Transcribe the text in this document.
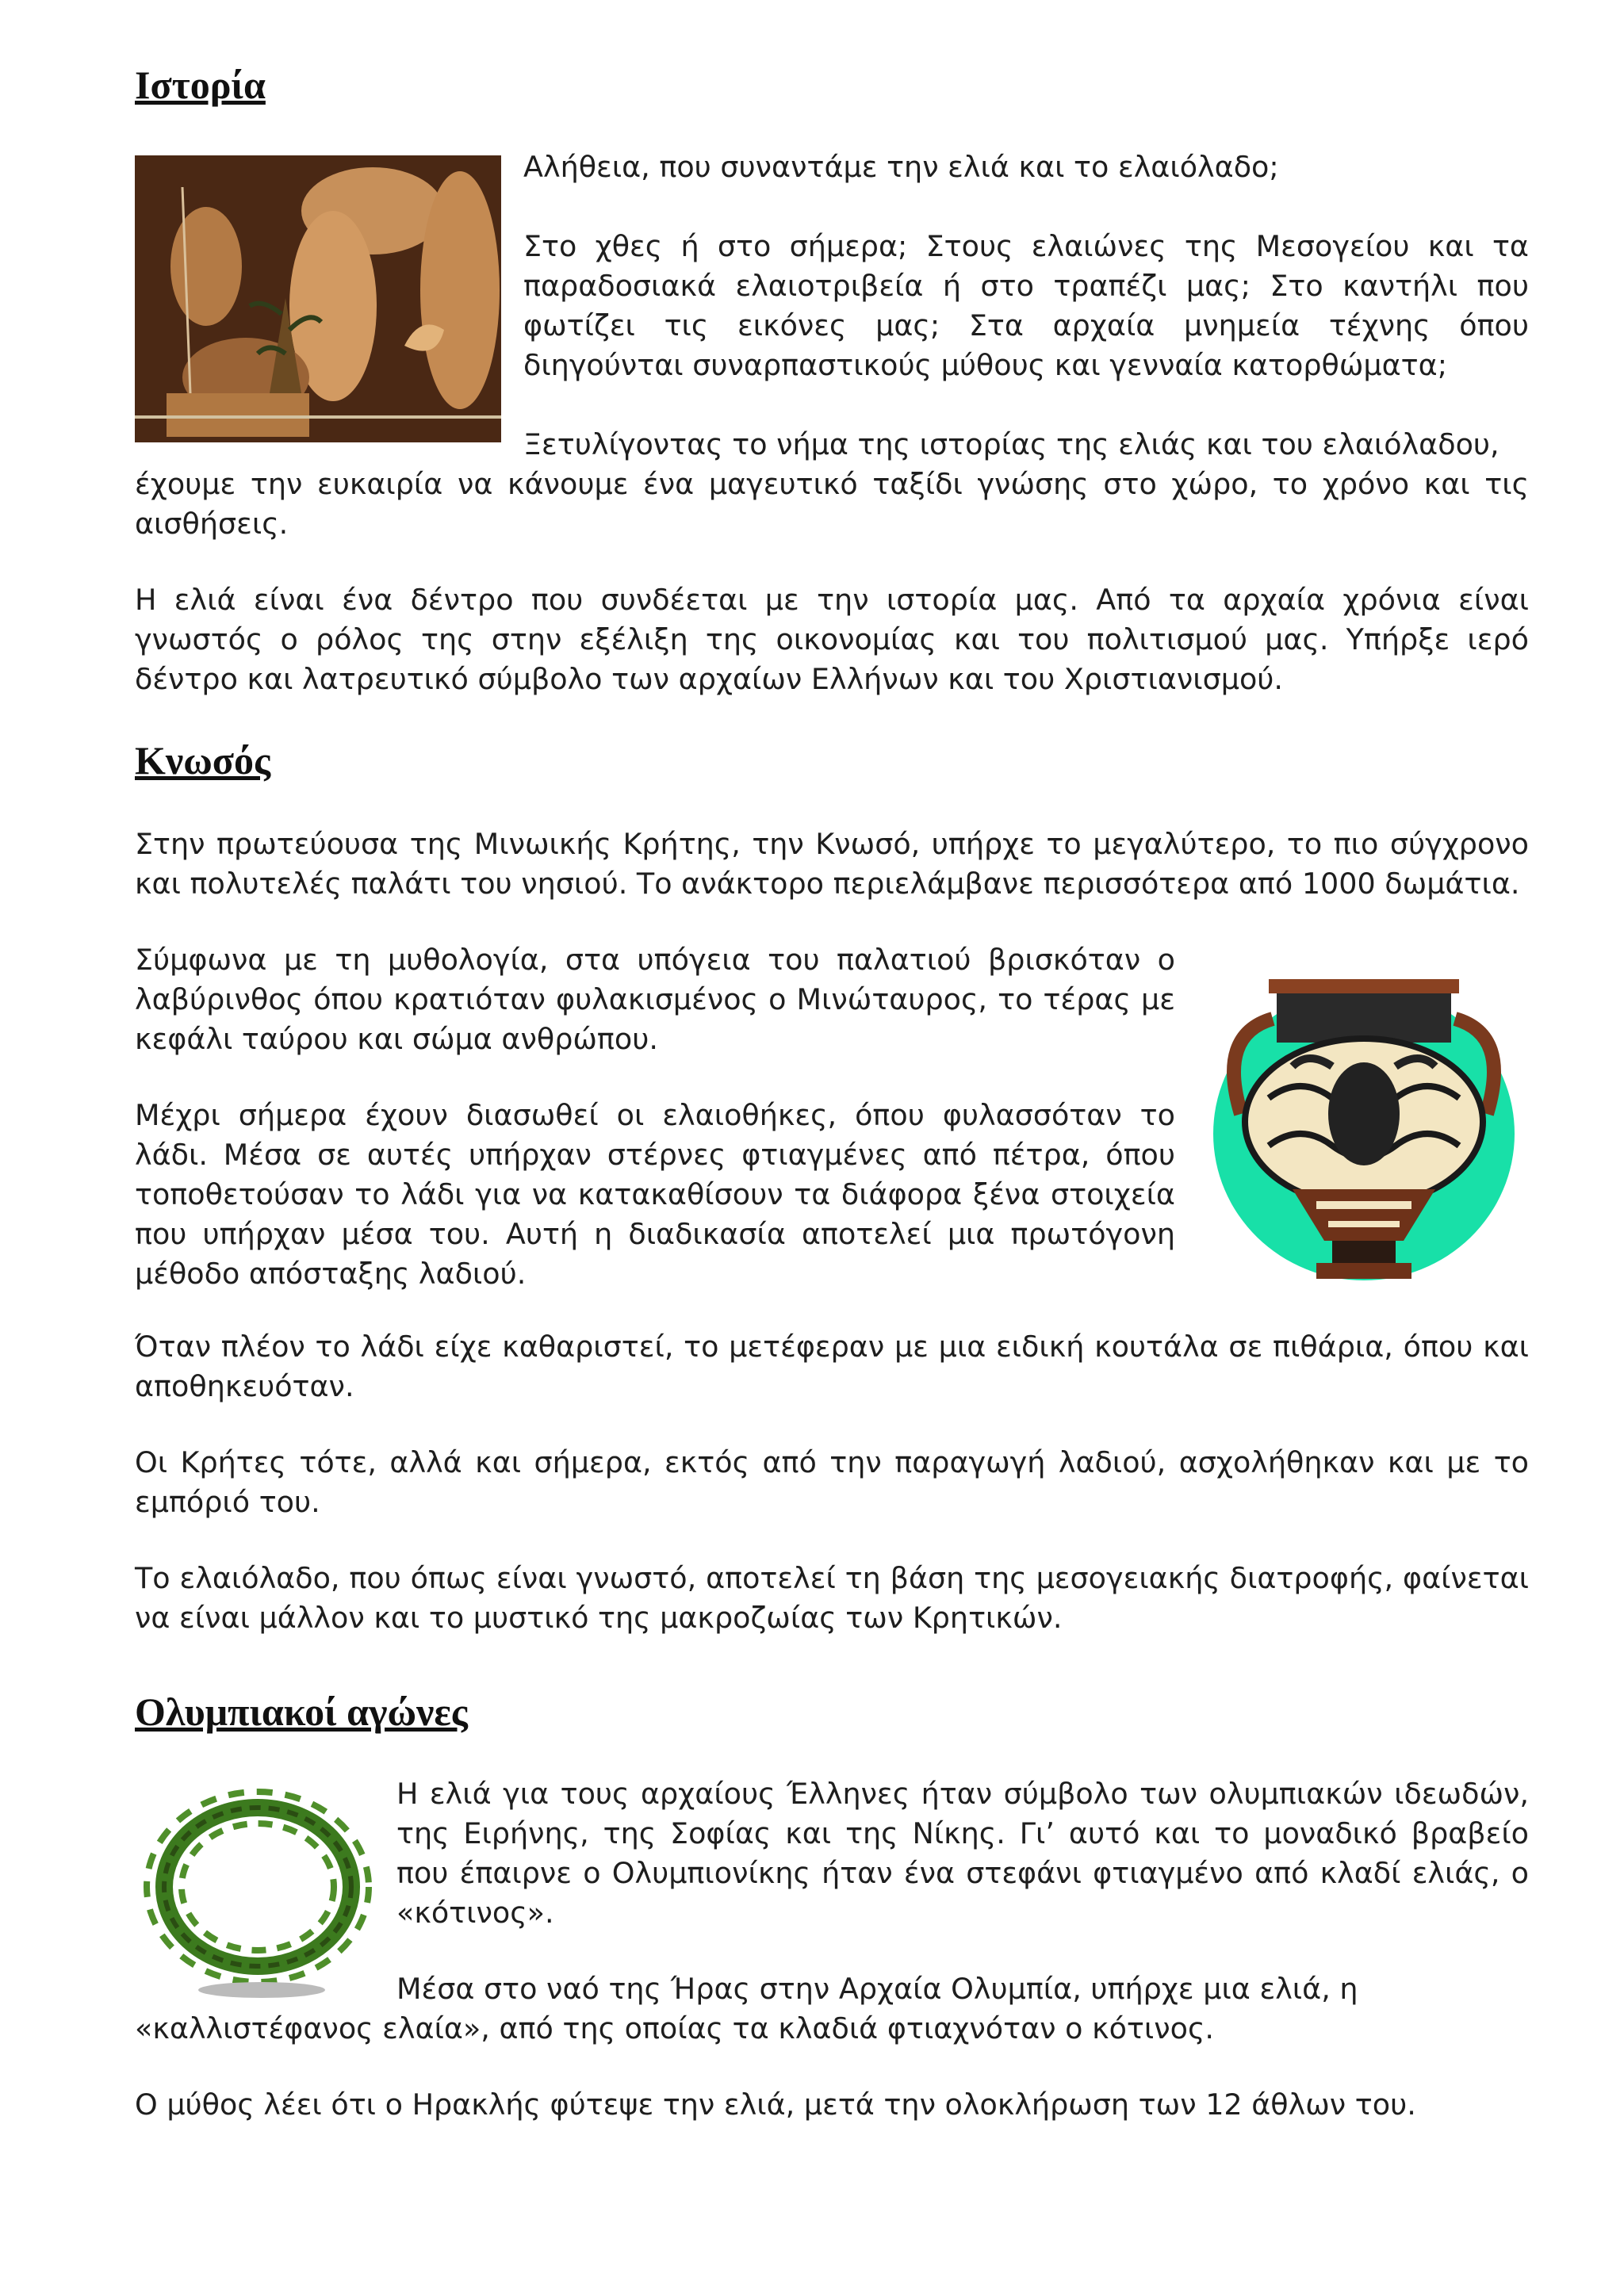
Ιστορία

Αλήθεια, που συναντάμε την ελιά και το ελαιόλαδο;

Στο χθες ή στο σήμερα; Στους ελαιώνες της Μεσογείου και τα παραδοσιακά ελαιοτριβεία ή στο τραπέζι μας; Στο καντήλι που φωτίζει τις εικόνες μας; Στα αρχαία μνημεία τέχνης όπου διηγούνται συναρπαστικούς μύθους και γενναία κατορθώματα;

Ξετυλίγοντας το νήμα της ιστορίας της ελιάς και του ελαιόλαδου,

έχουμε την ευκαιρία να κάνουμε ένα μαγευτικό ταξίδι γνώσης στο χώρο, το χρόνο και τις αισθήσεις.

Η ελιά είναι ένα δέντρο που συνδέεται με την ιστορία μας. Από τα αρχαία χρόνια είναι γνωστός ο ρόλος της στην εξέλιξη της οικονομίας και του πολιτισμού μας. Υπήρξε ιερό δέντρο και λατρευτικό σύμβολο των αρχαίων Ελλήνων και του Χριστιανισμού.

Κνωσός

Στην πρωτεύουσα της Μινωικής Κρήτης, την Κνωσό, υπήρχε το μεγαλύτερο, το πιο σύγχρονο και πολυτελές παλάτι του νησιού. Το ανάκτορο περιελάμβανε περισσότερα από 1000 δωμάτια.

Σύμφωνα με τη μυθολογία, στα υπόγεια του παλατιού βρισκόταν ο λαβύρινθος όπου κρατιόταν φυλακισμένος ο Μινώταυρος, το τέρας με κεφάλι ταύρου και σώμα ανθρώπου.

Μέχρι σήμερα έχουν διασωθεί οι ελαιοθήκες, όπου φυλασσόταν το λάδι. Μέσα σε αυτές υπήρχαν στέρνες φτιαγμένες από πέτρα, όπου τοποθετούσαν το λάδι για να κατακαθίσουν τα διάφορα ξένα στοιχεία που υπήρχαν μέσα του. Αυτή η διαδικασία αποτελεί μια πρωτόγονη μέθοδο απόσταξης λαδιού.

Όταν πλέον το λάδι είχε καθαριστεί, το μετέφεραν με μια ειδική κουτάλα σε πιθάρια, όπου και αποθηκευόταν.

Οι Κρήτες τότε, αλλά και σήμερα, εκτός από την παραγωγή λαδιού, ασχολήθηκαν και με το εμπόριό του.

Το ελαιόλαδο, που όπως είναι γνωστό, αποτελεί τη βάση της μεσογειακής διατροφής, φαίνεται να είναι μάλλον και το μυστικό της μακροζωίας των Κρητικών.

Ολυμπιακοί αγώνες

Η ελιά για τους αρχαίους Έλληνες ήταν σύμβολο των ολυμπιακών ιδεωδών, της Ειρήνης, της Σοφίας και της Νίκης. Γι’ αυτό και το μοναδικό βραβείο που έπαιρνε ο Ολυμπιονίκης ήταν ένα στεφάνι φτιαγμένο από κλαδί ελιάς, ο «κότινος».

Μέσα στο ναό της Ήρας στην Αρχαία Ολυμπία, υπήρχε μια ελιά, η

«καλλιστέφανος ελαία», από της οποίας τα κλαδιά φτιαχνόταν ο κότινος.

Ο μύθος λέει ότι ο Ηρακλής φύτεψε την ελιά, μετά την ολοκλήρωση των 12 άθλων του.
